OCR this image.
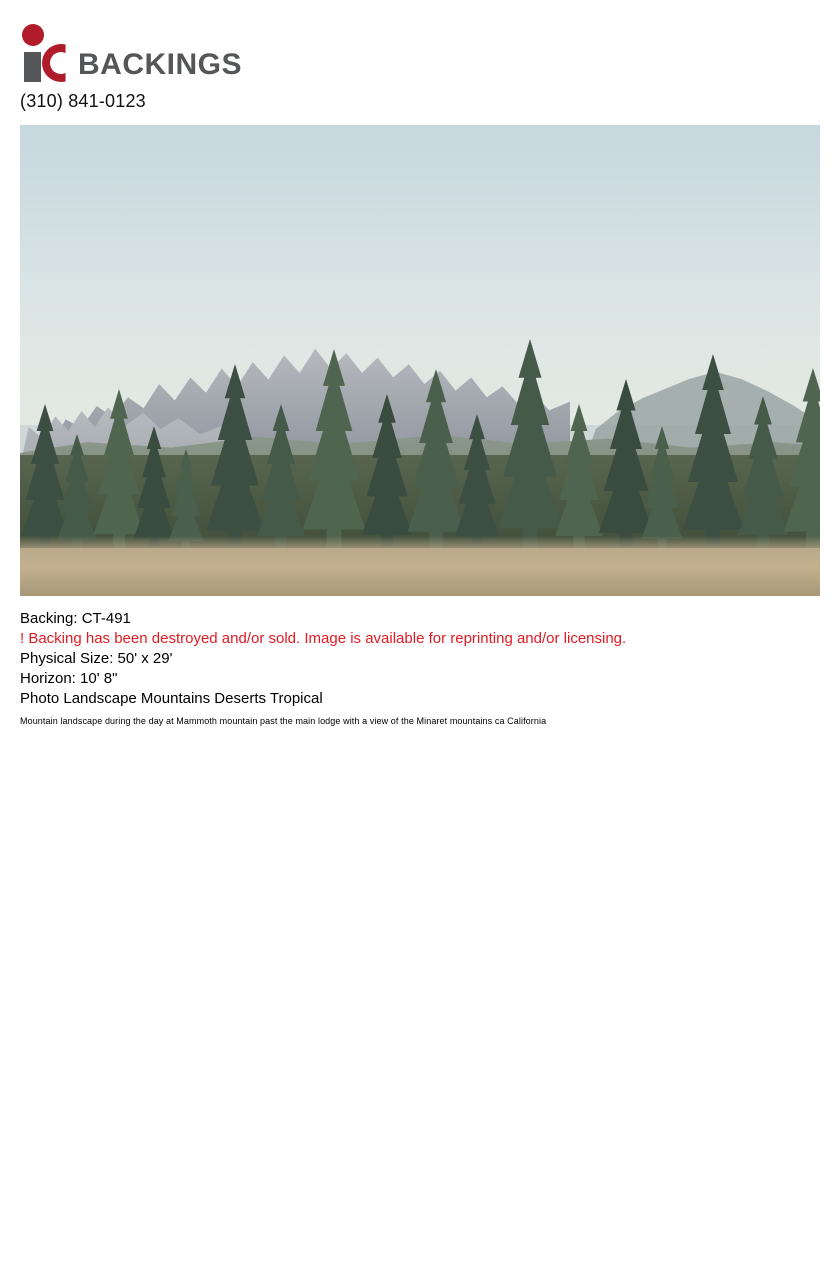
BACKINGS
(310) 841-0123
Backing: CT-491
! Backing has been destroyed and/or sold. Image is available for reprinting and/or licensing.
Physical Size: 50' x 29'
Horizon: 10' 8"
Photo Landscape Mountains Deserts Tropical
Mountain landscape during the day at Mammoth mountain past the main lodge with a view of the Minaret mountains ca California
